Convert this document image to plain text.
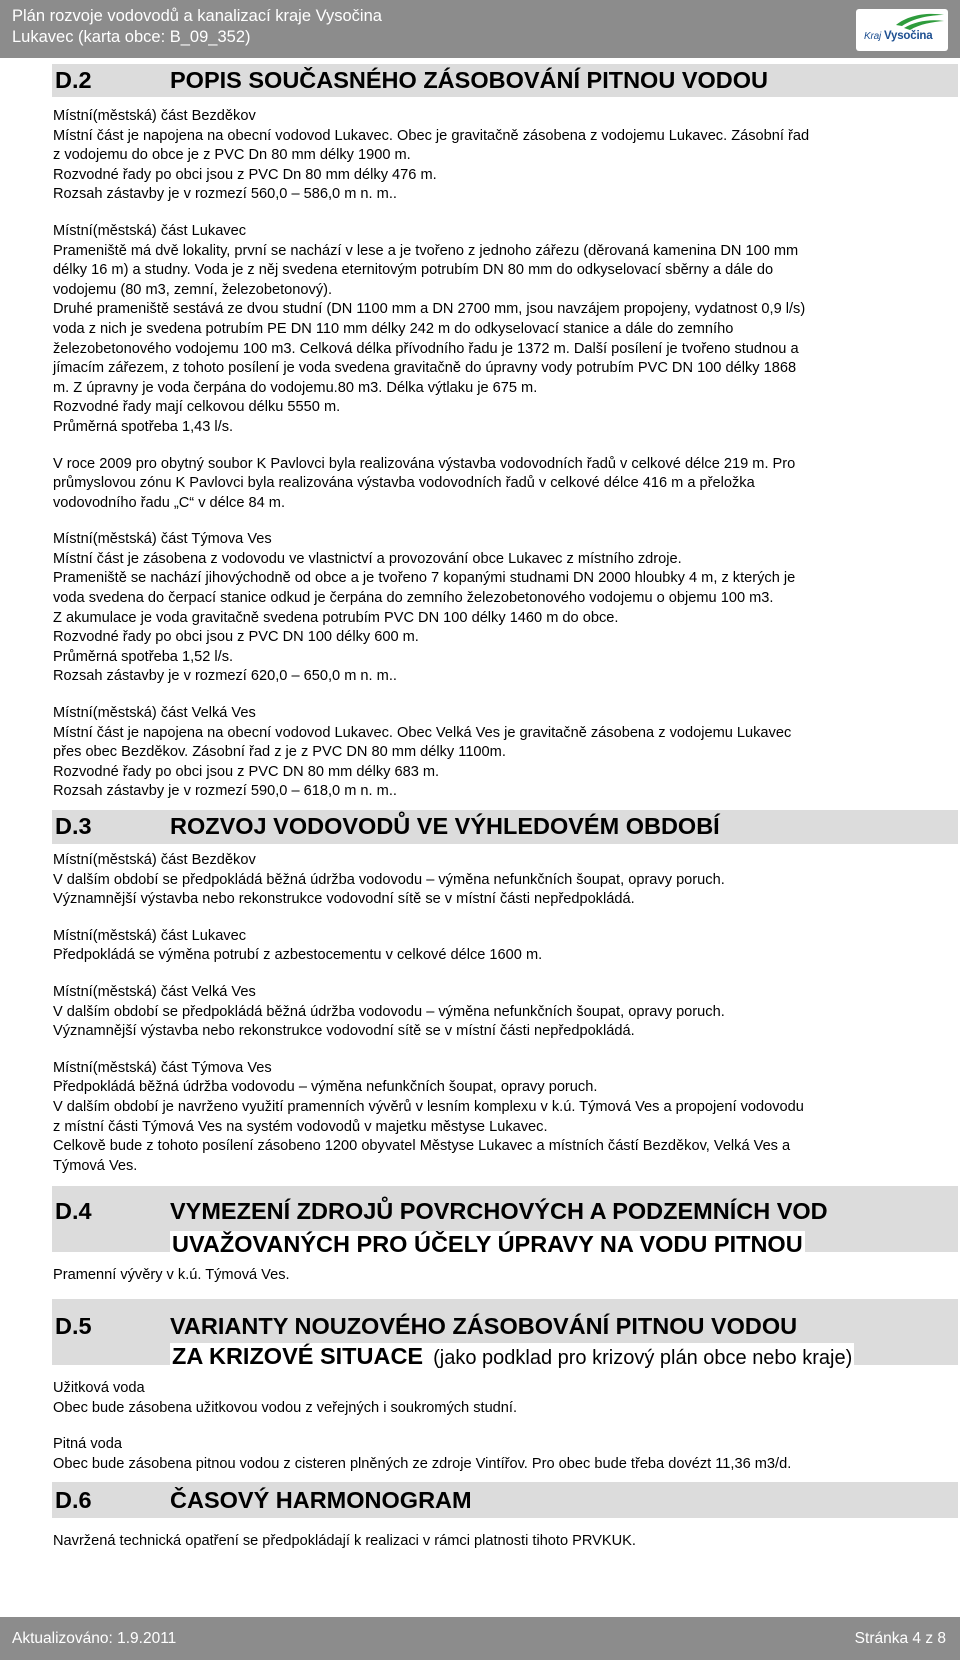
Plán rozvoje vodovodů a kanalizací kraje Vysočina
Lukavec (karta obce: B_09_352)	Kraj Vysočina
D.2	POPIS SOUČASNÉHO ZÁSOBOVÁNÍ PITNOU VODOU
Místní(městská) část Bezděkov
Místní část je napojena na obecní vodovod Lukavec. Obec je gravitačně zásobena z vodojemu Lukavec. Zásobní řad
z vodojemu do obce je z PVC Dn 80 mm délky 1900 m.
Rozvodné řady po obci jsou z PVC Dn 80 mm délky 476 m.
Rozsah zástavby je v rozmezí 560,0 – 586,0 m n. m..
Místní(městská) část Lukavec
Prameniště má dvě lokality, první se nachází v lese a je tvořeno z jednoho zářezu (děrovaná kamenina DN 100 mm
délky 16 m) a studny. Voda je z něj svedena eternitovým potrubím DN 80 mm do odkyselovací sběrny a dále do
vodojemu (80 m3, zemní, železobetonový).
Druhé prameniště sestává ze dvou studní (DN 1100 mm a DN 2700 mm, jsou navzájem propojeny, vydatnost 0,9 l/s)
voda z nich je svedena potrubím PE DN 110 mm délky 242 m do odkyselovací stanice a dále do zemního
železobetonového vodojemu 100 m3. Celková délka přívodního řadu je 1372 m. Další posílení je tvořeno studnou a
jímacím zářezem, z tohoto posílení je voda svedena gravitačně do úpravny vody potrubím PVC DN 100 délky 1868
m. Z úpravny je voda čerpána do vodojemu.80 m3. Délka výtlaku je 675 m.
Rozvodné řady mají celkovou délku 5550 m.
Průměrná spotřeba 1,43 l/s.
V roce 2009 pro obytný soubor K Pavlovci byla realizována výstavba vodovodních řadů v celkové délce 219 m. Pro
průmyslovou zónu K Pavlovci byla realizována výstavba vodovodních řadů v celkové délce 416 m a přeložka
vodovodního řadu „C“ v délce 84 m.
Místní(městská) část Týmova Ves
Místní část je zásobena z vodovodu ve vlastnictví a provozování obce Lukavec z místního zdroje.
Prameniště se nachází jihovýchodně od obce a je tvořeno 7 kopanými studnami DN 2000 hloubky 4 m, z kterých je
voda svedena do čerpací stanice odkud je čerpána do zemního železobetonového vodojemu o objemu 100 m3.
Z akumulace je voda gravitačně svedena potrubím PVC DN 100 délky 1460 m do obce.
Rozvodné řady po obci jsou z PVC DN 100 délky 600 m.
Průměrná spotřeba 1,52 l/s.
Rozsah zástavby je v rozmezí 620,0 – 650,0 m n. m..
Místní(městská) část Velká Ves
Místní část je napojena na obecní vodovod Lukavec. Obec Velká Ves je gravitačně zásobena z vodojemu Lukavec
přes obec Bezděkov. Zásobní řad z je z PVC DN 80 mm délky 1100m.
Rozvodné řady po obci jsou z PVC DN 80 mm délky 683 m.
Rozsah zástavby je v rozmezí 590,0 – 618,0 m n. m..
D.3	ROZVOJ VODOVODŮ VE VÝHLEDOVÉM OBDOBÍ
Místní(městská) část Bezděkov
V dalším období se předpokládá běžná údržba vodovodu – výměna nefunkčních šoupat, opravy poruch.
Významnější výstavba nebo rekonstrukce vodovodní sítě se v místní části nepředpokládá.
Místní(městská) část Lukavec
Předpokládá se výměna potrubí z azbestocementu v celkové délce 1600 m.
Místní(městská) část Velká Ves
V dalším období se předpokládá běžná údržba vodovodu – výměna nefunkčních šoupat, opravy poruch.
Významnější výstavba nebo rekonstrukce vodovodní sítě se v místní části nepředpokládá.
Místní(městská) část Týmova Ves
Předpokládá běžná údržba vodovodu – výměna nefunkčních šoupat, opravy poruch.
V dalším období je navrženo využití pramenních vývěrů v lesním komplexu v k.ú. Týmová Ves a propojení vodovodu
z místní části Týmová Ves na systém vodovodů v majetku městyse Lukavec.
Celkově bude z tohoto posílení zásobeno 1200 obyvatel Městyse Lukavec a místních částí Bezděkov, Velká Ves a
Týmová Ves.
D.4	VYMEZENÍ ZDROJŮ POVRCHOVÝCH A PODZEMNÍCH VOD
UVAŽOVANÝCH PRO ÚČELY ÚPRAVY NA VODU PITNOU
Pramenní vývěry v k.ú. Týmová Ves.
D.5	VARIANTY NOUZOVÉHO ZÁSOBOVÁNÍ PITNOU VODOU
ZA KRIZOVÉ SITUACE (jako podklad pro krizový plán obce nebo kraje)
Užitková voda
Obec bude zásobena užitkovou vodou z veřejných i soukromých studní.
Pitná voda
Obec bude zásobena pitnou vodou z cisteren plněných ze zdroje Vintířov. Pro obec bude třeba dovézt 11,36 m3/d.
D.6	ČASOVÝ HARMONOGRAM
Navržená technická opatření se předpokládají k realizaci v rámci platnosti tihoto PRVKUK.
Aktualizováno: 1.9.2011	Stránka 4 z 8
